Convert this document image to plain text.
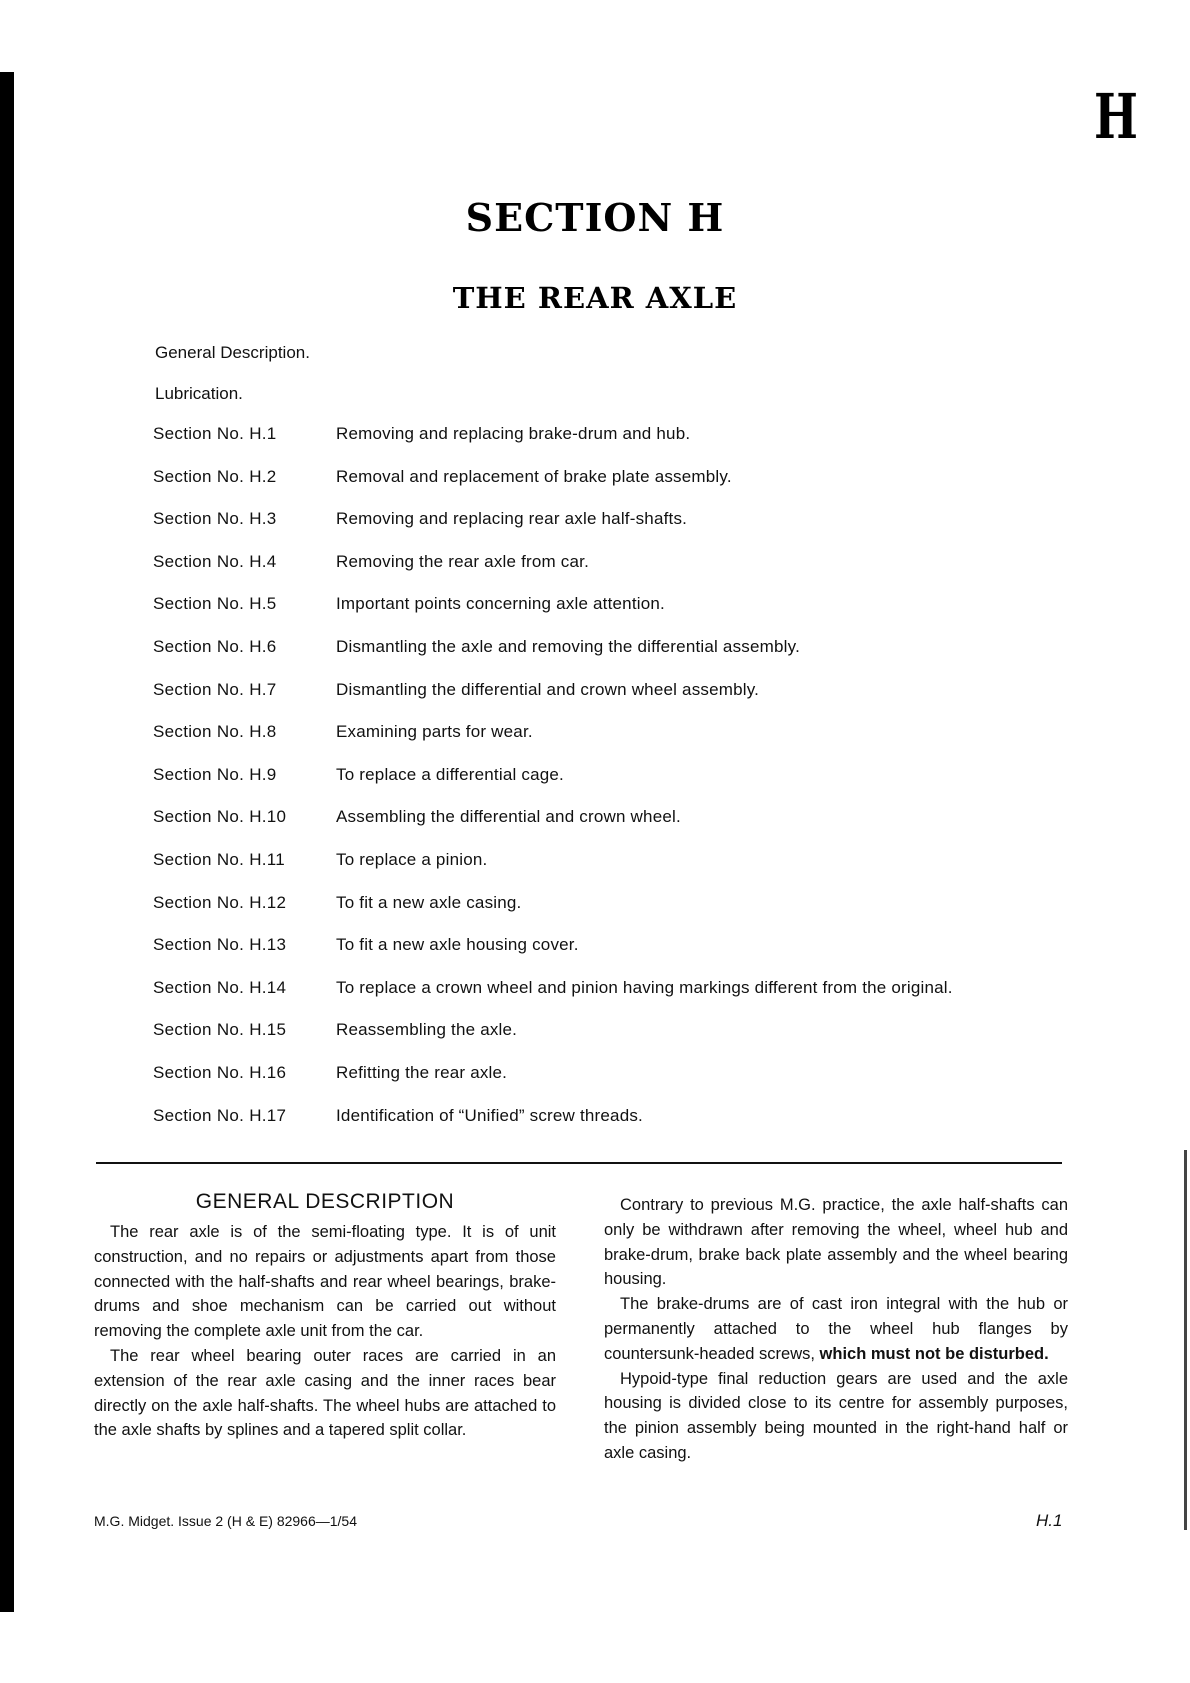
H
SECTION H
THE REAR AXLE
General Description.
Lubrication.
Section No. H.1	Removing and replacing brake-drum and hub.
Section No. H.2	Removal and replacement of brake plate assembly.
Section No. H.3	Removing and replacing rear axle half-shafts.
Section No. H.4	Removing the rear axle from car.
Section No. H.5	Important points concerning axle attention.
Section No. H.6	Dismantling the axle and removing the differential assembly.
Section No. H.7	Dismantling the differential and crown wheel assembly.
Section No. H.8	Examining parts for wear.
Section No. H.9	To replace a differential cage.
Section No. H.10	Assembling the differential and crown wheel.
Section No. H.11	To replace a pinion.
Section No. H.12	To fit a new axle casing.
Section No. H.13	To fit a new axle housing cover.
Section No. H.14	To replace a crown wheel and pinion having markings different from the original.
Section No. H.15	Reassembling the axle.
Section No. H.16	Refitting the rear axle.
Section No. H.17	Identification of “Unified” screw threads.
GENERAL DESCRIPTION

The rear axle is of the semi-floating type. It is of unit construction, and no repairs or adjustments apart from those connected with the half-shafts and rear wheel bearings, brake-drums and shoe mechanism can be carried out without removing the complete axle unit from the car.

The rear wheel bearing outer races are carried in an extension of the rear axle casing and the inner races bear directly on the axle half-shafts. The wheel hubs are attached to the axle shafts by splines and a tapered split collar.

Contrary to previous M.G. practice, the axle half-shafts can only be withdrawn after removing the wheel, wheel hub and brake-drum, brake back plate assembly and the wheel bearing housing.

The brake-drums are of cast iron integral with the hub or permanently attached to the wheel hub flanges by countersunk-headed screws, which must not be disturbed.

Hypoid-type final reduction gears are used and the axle housing is divided close to its centre for assembly purposes, the pinion assembly being mounted in the right-hand half or axle casing.

M.G. Midget. Issue 2 (H & E) 82966—1/54	H.1
